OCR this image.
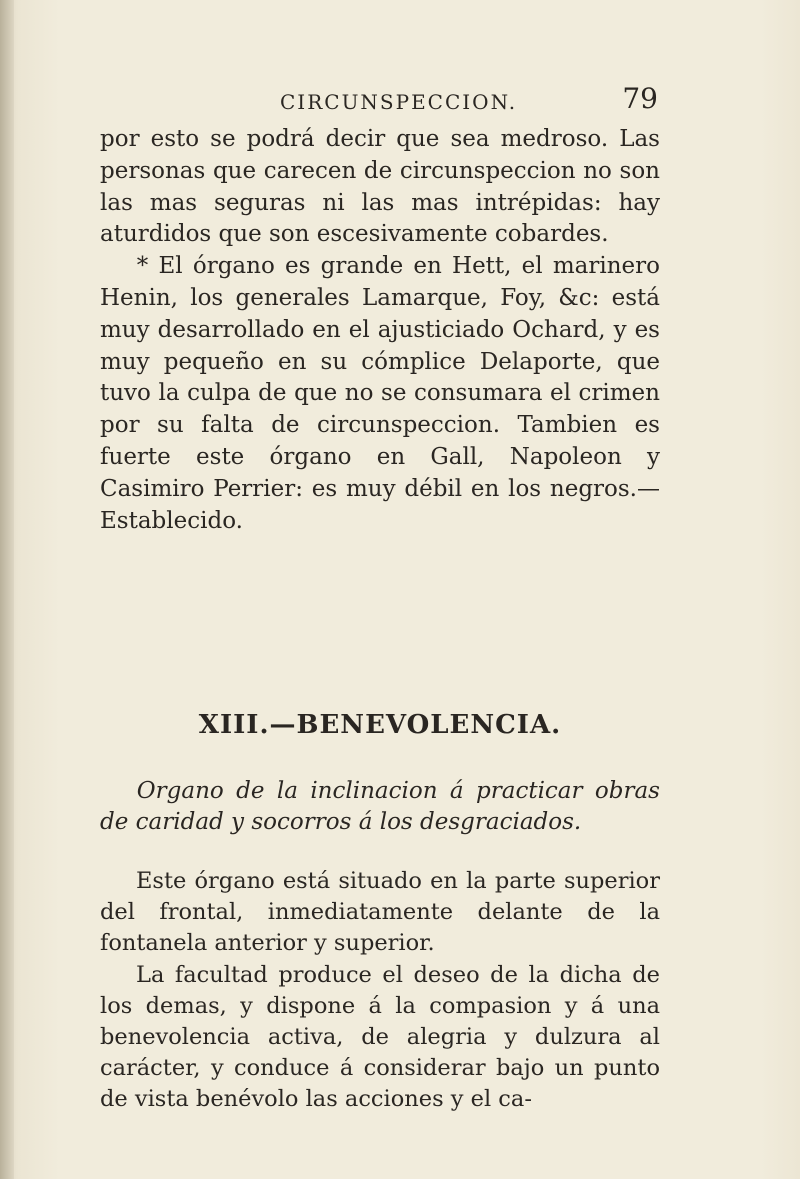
CIRCUNSPECCION.	79

por esto se podrá decir que sea medroso. Las personas que carecen de circunspeccion no son las mas seguras ni las mas intrépidas: hay aturdidos que son escesivamente cobardes.

* El órgano es grande en Hett, el marinero Henin, los generales Lamarque, Foy, &c: está muy desarrollado en el ajusticiado Ochard, y es muy pequeño en su cómplice Delaporte, que tuvo la culpa de que no se consumara el crimen por su falta de circunspeccion. Tambien es fuerte este órgano en Gall, Napoleon y Casimiro Perrier: es muy débil en los negros.— Establecido.

XIII.—BENEVOLENCIA.

Organo de la inclinacion á practicar obras de caridad y socorros á los desgraciados.

Este órgano está situado en la parte superior del frontal, inmediatamente delante de la fontanela anterior y superior.

La facultad produce el deseo de la dicha de los demas, y dispone á la compasion y á una benevolencia activa, de alegria y dulzura al carácter, y conduce á considerar bajo un punto de vista benévolo las acciones y el ca-
